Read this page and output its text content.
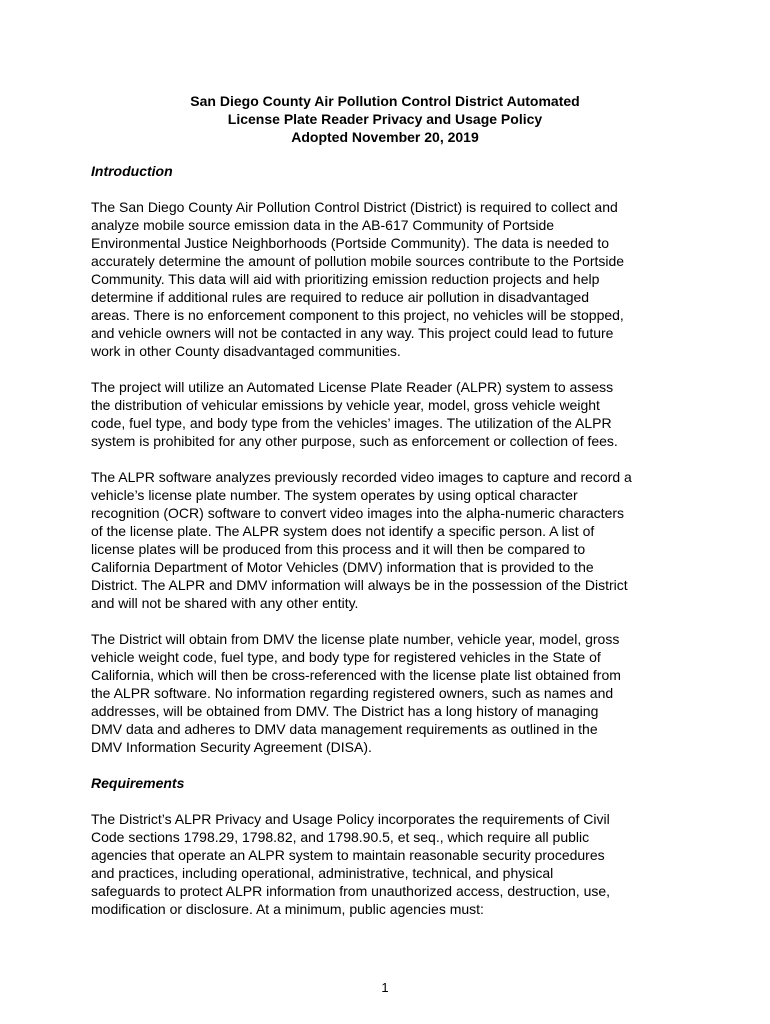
San Diego County Air Pollution Control District Automated
License Plate Reader Privacy and Usage Policy
Adopted November 20, 2019

Introduction

The San Diego County Air Pollution Control District (District) is required to collect and
analyze mobile source emission data in the AB-617 Community of Portside
Environmental Justice Neighborhoods (Portside Community). The data is needed to
accurately determine the amount of pollution mobile sources contribute to the Portside
Community. This data will aid with prioritizing emission reduction projects and help
determine if additional rules are required to reduce air pollution in disadvantaged
areas. There is no enforcement component to this project, no vehicles will be stopped,
and vehicle owners will not be contacted in any way. This project could lead to future
work in other County disadvantaged communities.

The project will utilize an Automated License Plate Reader (ALPR) system to assess
the distribution of vehicular emissions by vehicle year, model, gross vehicle weight
code, fuel type, and body type from the vehicles’ images. The utilization of the ALPR
system is prohibited for any other purpose, such as enforcement or collection of fees.

The ALPR software analyzes previously recorded video images to capture and record a
vehicle’s license plate number. The system operates by using optical character
recognition (OCR) software to convert video images into the alpha-numeric characters
of the license plate. The ALPR system does not identify a specific person. A list of
license plates will be produced from this process and it will then be compared to
California Department of Motor Vehicles (DMV) information that is provided to the
District. The ALPR and DMV information will always be in the possession of the District
and will not be shared with any other entity.

The District will obtain from DMV the license plate number, vehicle year, model, gross
vehicle weight code, fuel type, and body type for registered vehicles in the State of
California, which will then be cross-referenced with the license plate list obtained from
the ALPR software. No information regarding registered owners, such as names and
addresses, will be obtained from DMV. The District has a long history of managing
DMV data and adheres to DMV data management requirements as outlined in the
DMV Information Security Agreement (DISA).

Requirements

The District’s ALPR Privacy and Usage Policy incorporates the requirements of Civil
Code sections 1798.29, 1798.82, and 1798.90.5, et seq., which require all public
agencies that operate an ALPR system to maintain reasonable security procedures
and practices, including operational, administrative, technical, and physical
safeguards to protect ALPR information from unauthorized access, destruction, use,
modification or disclosure. At a minimum, public agencies must:

1
